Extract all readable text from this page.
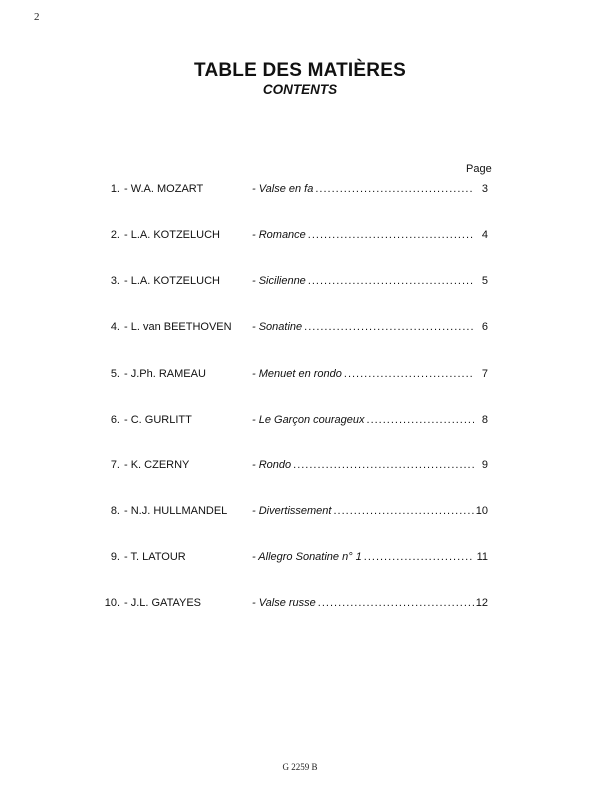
2
TABLE DES MATIÈRES
CONTENTS
Page
1. - W.A. MOZART	- Valse en fa .....	3
2. - L.A. KOTZELUCH	- Romance .....	4
3. - L.A. KOTZELUCH	- Sicilienne .....	5
4. - L. van BEETHOVEN - Sonatine .....	6
5. - J.Ph. RAMEAU	- Menuet en rondo .....	7
6. - C. GURLITT	- Le Garçon courageux .....	8
7. - K. CZERNY	- Rondo .....	9
8. - N.J. HULLMANDEL - Divertissement .....	10
9. - T. LATOUR	- Allegro Sonatine n° 1 .....	11
10. - J.L. GATAYES	- Valse russe .....	12
G 2259 B
